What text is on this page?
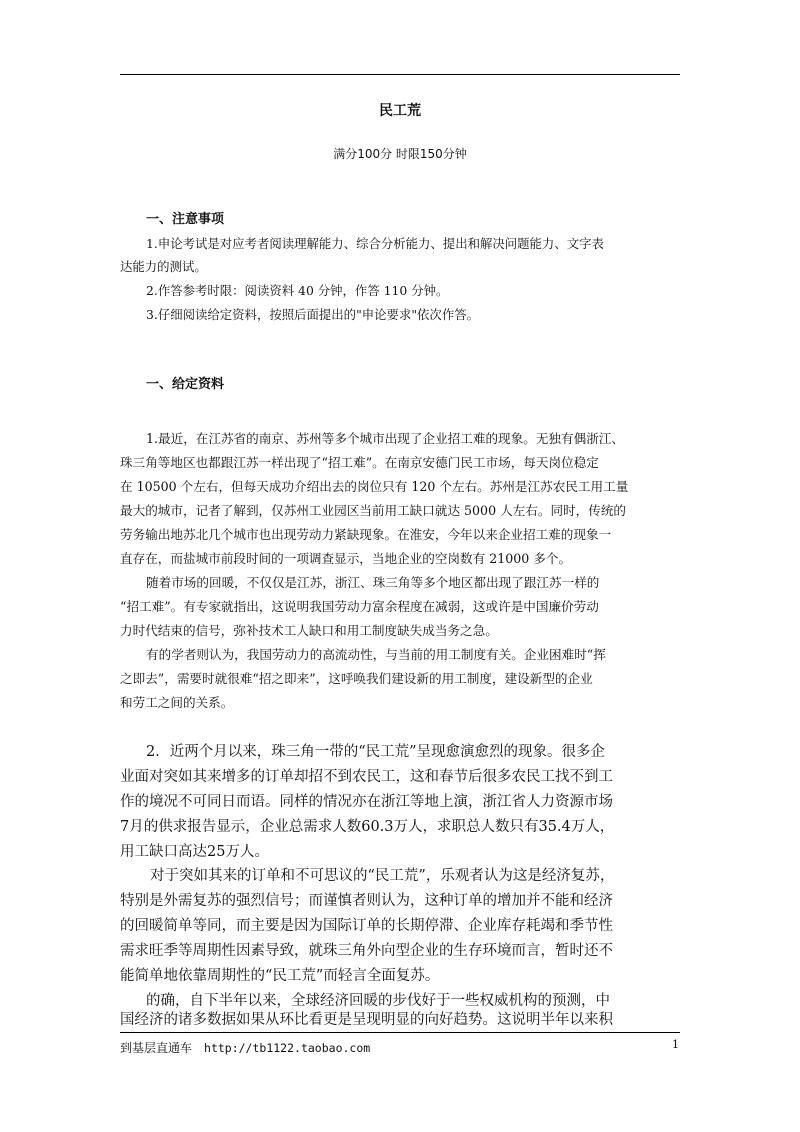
民工荒
满分100分 时限150分钟
一、注意事项
1.申论考试是对应考者阅读理解能力、综合分析能力、提出和解决问题能力、文字表
达能力的测试。
2.作答参考时限：阅读资料 40 分钟，作答 110 分钟。
3.仔细阅读给定资料，按照后面提出的"申论要求"依次作答。
一、给定资料
1.最近，在江苏省的南京、苏州等多个城市出现了企业招工难的现象。无独有偶浙江、
珠三角等地区也都跟江苏一样出现了“招工难”。在南京安德门民工市场，每天岗位稳定
在 10500 个左右，但每天成功介绍出去的岗位只有 120 个左右。苏州是江苏农民工用工量
最大的城市，记者了解到，仅苏州工业园区当前用工缺口就达 5000 人左右。同时，传统的
劳务输出地苏北几个城市也出现劳动力紧缺现象。在淮安，今年以来企业招工难的现象一
直存在，而盐城市前段时间的一项调查显示，当地企业的空岗数有 21000 多个。
随着市场的回暖，不仅仅是江苏，浙江、珠三角等多个地区都出现了跟江苏一样的
“招工难”。有专家就指出，这说明我国劳动力富余程度在减弱，这或许是中国廉价劳动
力时代结束的信号，弥补技术工人缺口和用工制度缺失成当务之急。
有的学者则认为，我国劳动力的高流动性，与当前的用工制度有关。企业困难时“挥
之即去”，需要时就很难“招之即来”，这呼唤我们建设新的用工制度，建设新型的企业
和劳工之间的关系。
2．近两个月以来，珠三角一带的“民工荒”呈现愈演愈烈的现象。很多企
业面对突如其来增多的订单却招不到农民工，这和春节后很多农民工找不到工
作的境况不可同日而语。同样的情况亦在浙江等地上演，浙江省人力资源市场
7月的供求报告显示，企业总需求人数60.3万人，求职总人数只有35.4万人，
用工缺口高达25万人。
对于突如其来的订单和不可思议的“民工荒”，乐观者认为这是经济复苏，
特别是外需复苏的强烈信号；而谨慎者则认为，这种订单的增加并不能和经济
的回暖简单等同，而主要是因为国际订单的长期停滞、企业库存耗竭和季节性
需求旺季等周期性因素导致，就珠三角外向型企业的生存环境而言，暂时还不
能简单地依靠周期性的“民工荒”而轻言全面复苏。
的确，自下半年以来，全球经济回暖的步伐好于一些权威机构的预测，中
国经济的诸多数据如果从环比看更是呈现明显的向好趋势。这说明半年以来积
到基层直通车 http://tb1122.taobao.com	1
